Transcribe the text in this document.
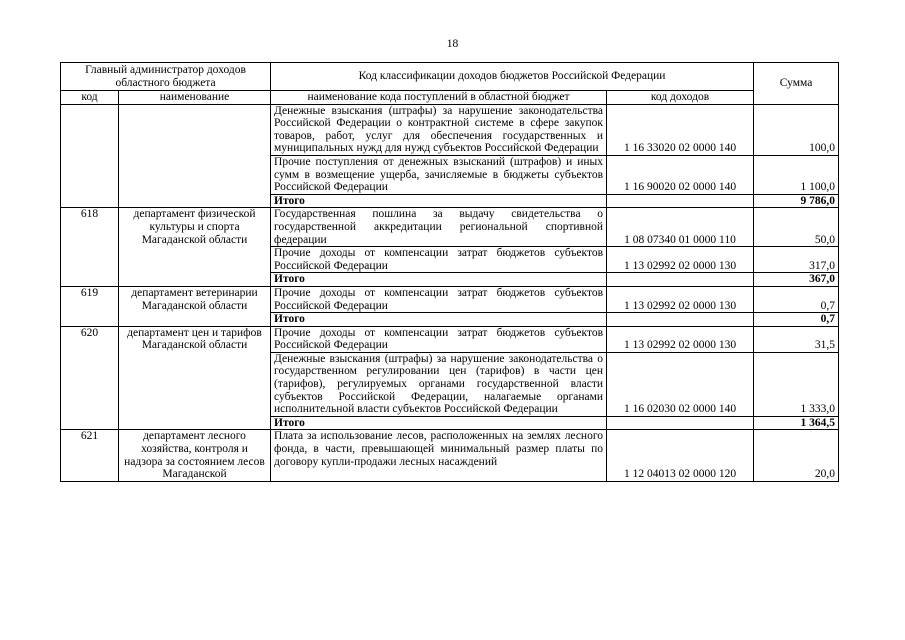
18
Главный администратор доходов областного бюджета		Код классификации доходов бюджетов Российской Федерации		Сумма
код	наименование	наименование кода поступлений в областной бюджет	код доходов	
		Денежные взыскания (штрафы) за нарушение законодательства Российской Федерации о контрактной системе в сфере закупок товаров, работ, услуг для обеспечения государственных и муниципальных нужд для нужд субъектов Российской Федерации	1 16 33020 02 0000 140	100,0
		Прочие поступления от денежных взысканий (штрафов) и иных сумм в возмещение ущерба, зачисляемые в бюджеты субъектов Российской Федерации	1 16 90020 02 0000 140	1 100,0
		Итого		9 786,0
618	департамент физической культуры и спорта Магаданской области	Государственная пошлина за выдачу свидетельства о государственной аккредитации региональной спортивной федерации	1 08 07340 01 0000 110	50,0
		Прочие доходы от компенсации затрат бюджетов субъектов Российской Федерации	1 13 02992 02 0000 130	317,0
		Итого		367,0
619	департамент ветеринарии Магаданской области	Прочие доходы от компенсации затрат бюджетов субъектов Российской Федерации	1 13 02992 02 0000 130	0,7
		Итого		0,7
620	департамент цен и тарифов Магаданской области	Прочие доходы от компенсации затрат бюджетов субъектов Российской Федерации	1 13 02992 02 0000 130	31,5
		Денежные взыскания (штрафы) за нарушение законодательства о государственном регулировании цен (тарифов) в части цен (тарифов), регулируемых органами государственной власти субъектов Российской Федерации, налагаемые органами исполнительной власти субъектов Российской Федерации	1 16 02030 02 0000 140	1 333,0
		Итого		1 364,5
621	департамент лесного хозяйства, контроля и надзора за состоянием лесов Магаданской	Плата за использование лесов, расположенных на землях лесного фонда, в части, превышающей минимальный размер платы по договору купли-продажи лесных насаждений	1 12 04013 02 0000 120	20,0
